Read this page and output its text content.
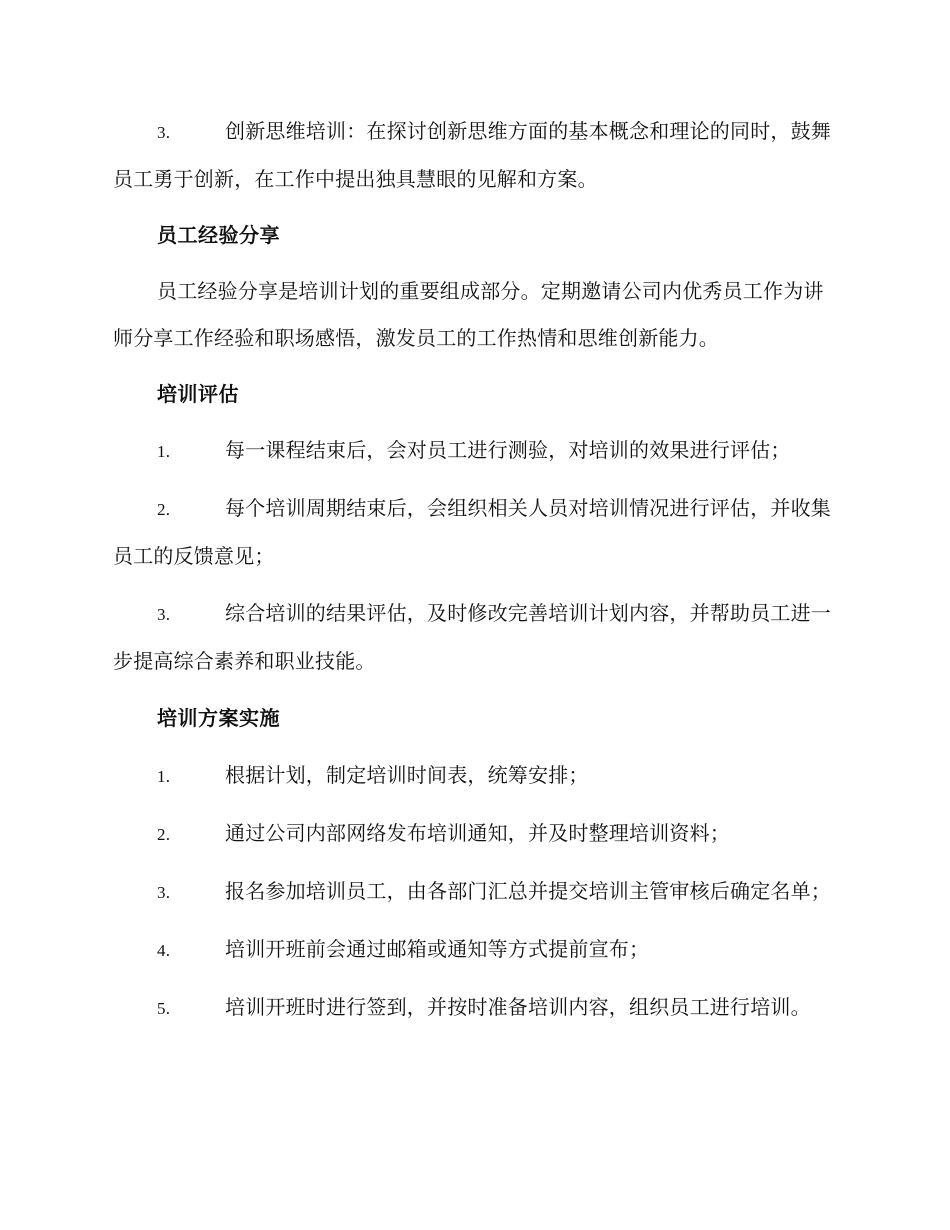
3.	创新思维培训：在探讨创新思维方面的基本概念和理论的同时，鼓舞员工勇于创新，在工作中提出独具慧眼的见解和方案。
员工经验分享
员工经验分享是培训计划的重要组成部分。定期邀请公司内优秀员工作为讲师分享工作经验和职场感悟，激发员工的工作热情和思维创新能力。
培训评估
1.	每一课程结束后，会对员工进行测验，对培训的效果进行评估；
2.	每个培训周期结束后，会组织相关人员对培训情况进行评估，并收集员工的反馈意见；
3.	综合培训的结果评估，及时修改完善培训计划内容，并帮助员工进一步提高综合素养和职业技能。
培训方案实施
1.	根据计划，制定培训时间表，统筹安排；
2.	通过公司内部网络发布培训通知，并及时整理培训资料；
3.	报名参加培训员工，由各部门汇总并提交培训主管审核后确定名单；
4.	培训开班前会通过邮箱或通知等方式提前宣布；
5.	培训开班时进行签到，并按时准备培训内容，组织员工进行培训。
